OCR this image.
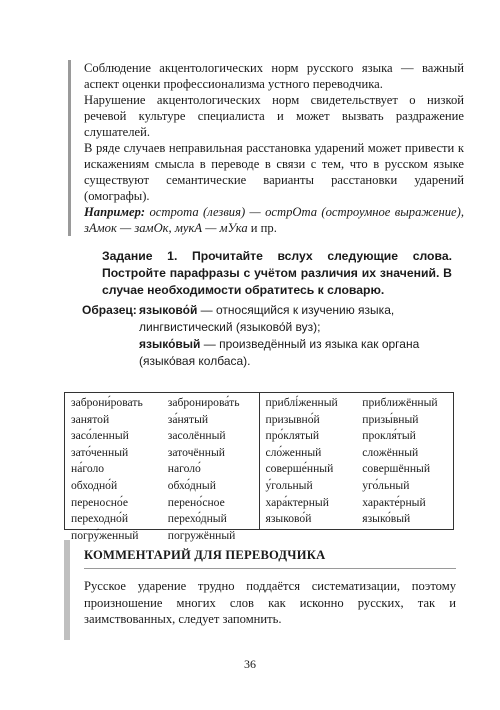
Соблюдение акцентологических норм русского языка — важный аспект оценки профессионализма устного переводчика.

Нарушение акцентологических норм свидетельствует о низкой речевой культуре специалиста и может вызвать раздражение слушателей.

В ряде случаев неправильная расстановка ударений может привести к искажениям смысла в переводе в связи с тем, что в русском языке существуют семантические варианты расстановки ударений (омографы).

Например: острота (лезвия) — острОта (остроумное выражение), зАмок — замОк, мукА — мУка и пр.

Задание 1. Прочитайте вслух следующие слова. Постройте парафразы с учётом различия их значений. В случае необходимости обратитесь к словарю.
Образец: языково́й — относящийся к изучению языка, лингвистический (языково́й вуз);
языко́вый — произведённый из языка как органа (языко́вая колбаса).
заброни́ровать
занятой
засо́ленный
зато́ченный
на́голо
обходно́й
переносно́е
переходно́й
погру́женный
забронирова́ть
за́нятый
засолённый
заточённый
наголо́
обхо́дный
перено́сное
перехо́дный
погружённый
приблі́женный
призывно́й
про́клятый
сло́женный
соверше́нный
у́гольный
хара́ктерный
языково́й
приближённый
призы́вный
прокля́тый
сложённый
совершённый
уго́льный
характе́рный
языко́вый
КОММЕНТАРИЙ ДЛЯ ПЕРЕВОДЧИКА
Русское ударение трудно поддаётся систематизации, поэтому произношение многих слов как исконно русских, так и заимствованных, следует запомнить.
36
